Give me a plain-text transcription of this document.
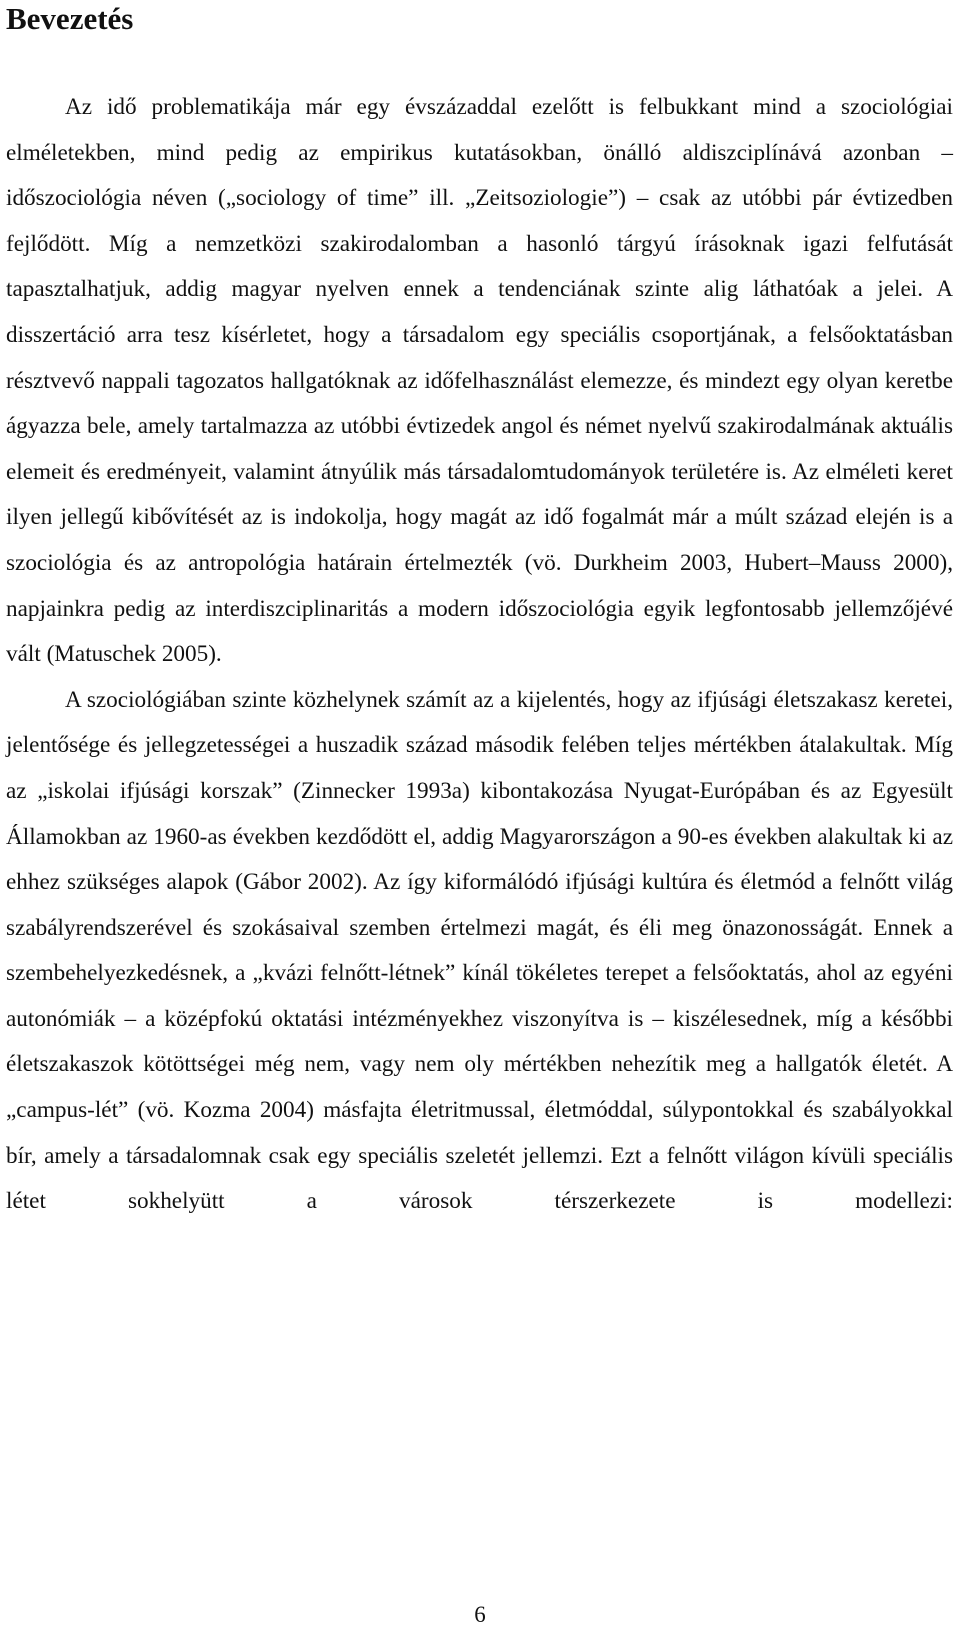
Bevezetés

Az idő problematikája már egy évszázaddal ezelőtt is felbukkant mind a szociológiai elméletekben, mind pedig az empirikus kutatásokban, önálló aldiszciplínává azonban – időszociológia néven („sociology of time” ill. „Zeitsoziologie”) – csak az utóbbi pár évtizedben fejlődött. Míg a nemzetközi szakirodalomban a hasonló tárgyú írásoknak igazi felfutását tapasztalhatjuk, addig magyar nyelven ennek a tendenciának szinte alig láthatóak a jelei. A disszertáció arra tesz kísérletet, hogy a társadalom egy speciális csoportjának, a felsőoktatásban résztvevő nappali tagozatos hallgatóknak az időfelhasználást elemezze, és mindezt egy olyan keretbe ágyazza bele, amely tartalmazza az utóbbi évtizedek angol és német nyelvű szakirodalmának aktuális elemeit és eredményeit, valamint átnyúlik más társadalomtudományok területére is. Az elméleti keret ilyen jellegű kibővítését az is indokolja, hogy magát az idő fogalmát már a múlt század elején is a szociológia és az antropológia határain értelmezték (vö. Durkheim 2003, Hubert–Mauss 2000), napjainkra pedig az interdiszciplinaritás a modern időszociológia egyik legfontosabb jellemzőjévé vált (Matuschek 2005).

A szociológiában szinte közhelynek számít az a kijelentés, hogy az ifjúsági életszakasz keretei, jelentősége és jellegzetességei a huszadik század második felében teljes mértékben átalakultak. Míg az „iskolai ifjúsági korszak” (Zinnecker 1993a) kibontakozása Nyugat-Európában és az Egyesült Államokban az 1960-as években kezdődött el, addig Magyarországon a 90-es években alakultak ki az ehhez szükséges alapok (Gábor 2002). Az így kiformálódó ifjúsági kultúra és életmód a felnőtt világ szabályrendszerével és szokásaival szemben értelmezi magát, és éli meg önazonosságát. Ennek a szembehelyezkedésnek, a „kvázi felnőtt-létnek” kínál tökéletes terepet a felsőoktatás, ahol az egyéni autonómiák – a középfokú oktatási intézményekhez viszonyítva is – kiszélesednek, míg a későbbi életszakaszok kötöttségei még nem, vagy nem oly mértékben nehezítik meg a hallgatók életét. A „campus-lét” (vö. Kozma 2004) másfajta életritmussal, életmóddal, súlypontokkal és szabályokkal bír, amely a társadalomnak csak egy speciális szeletét jellemzi. Ezt a felnőtt világon kívüli speciális létet sokhelyütt a városok térszerkezete is modellezi:

6
